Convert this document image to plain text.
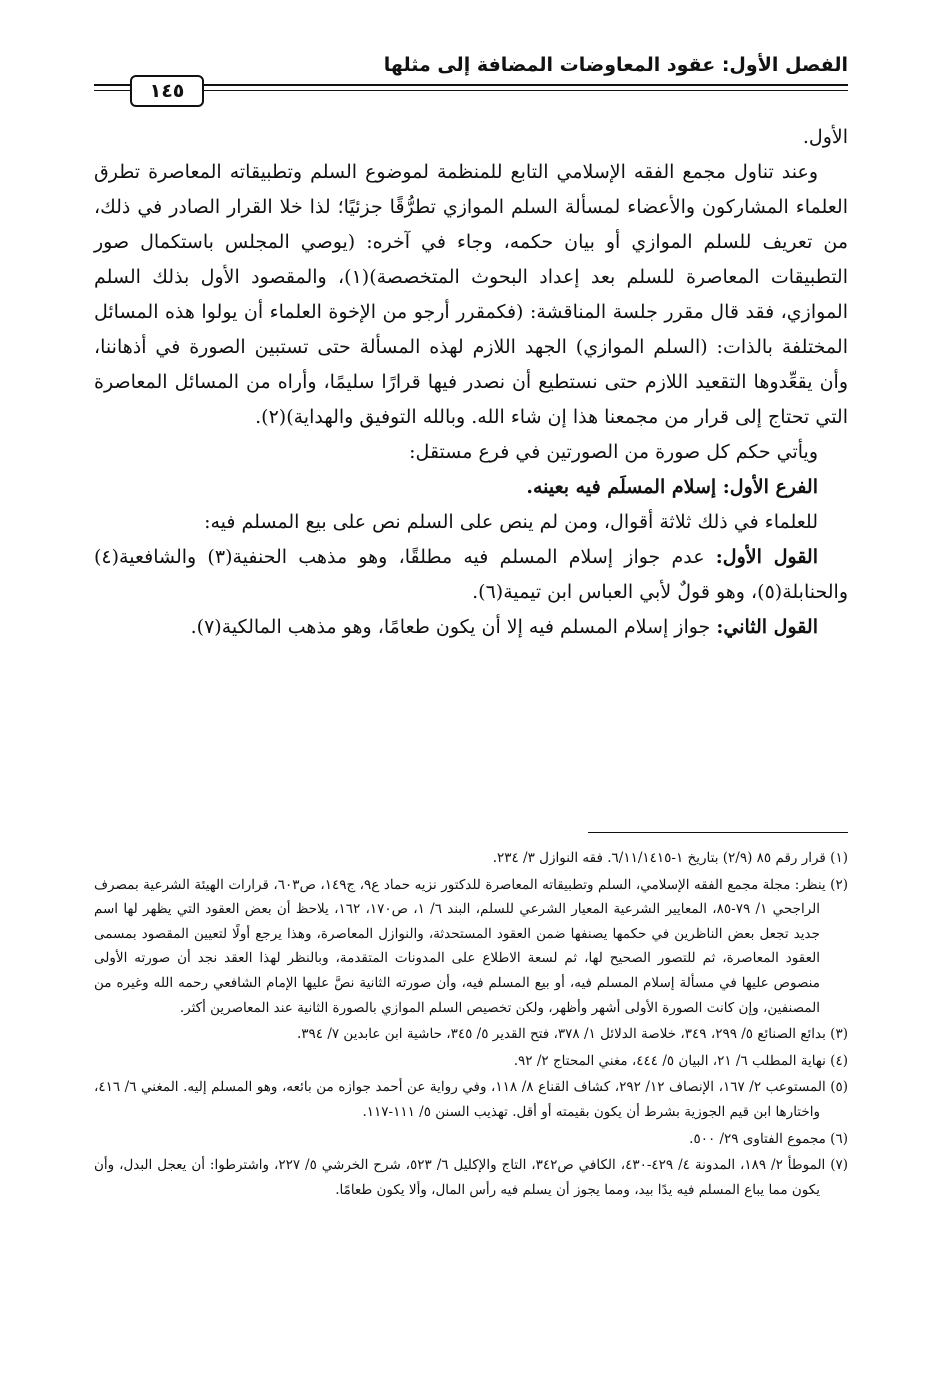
الفصل الأول: عقود المعاوضات المضافة إلى مثلها
١٤٥

الأول.

وعند تناول مجمع الفقه الإسلامي التابع للمنظمة لموضوع السلم وتطبيقاته المعاصرة تطرق العلماء المشاركون والأعضاء لمسألة السلم الموازي تطرُّقًا جزئيًا؛ لذا خلا القرار الصادر في ذلك، من تعريف للسلم الموازي أو بيان حكمه، وجاء في آخره: (يوصي المجلس باستكمال صور التطبيقات المعاصرة للسلم بعد إعداد البحوث المتخصصة)(١)، والمقصود الأول بذلك السلم الموازي، فقد قال مقرر جلسة المناقشة: (فكمقرر أرجو من الإخوة العلماء أن يولوا هذه المسائل المختلفة بالذات: (السلم الموازي) الجهد اللازم لهذه المسألة حتى تستبين الصورة في أذهاننا، وأن يقعِّدوها التقعيد اللازم حتى نستطيع أن نصدر فيها قرارًا سليمًا، وأراه من المسائل المعاصرة التي تحتاج إلى قرار من مجمعنا هذا إن شاء الله. وبالله التوفيق والهداية)(٢).

ويأتي حكم كل صورة من الصورتين في فرع مستقل:

الفرع الأول: إسلام المسلَم فيه بعينه.

للعلماء في ذلك ثلاثة أقوال، ومن لم ينص على السلم نص على بيع المسلم فيه:

القول الأول: عدم جواز إسلام المسلم فيه مطلقًا، وهو مذهب الحنفية(٣) والشافعية(٤) والحنابلة(٥)، وهو قولٌ لأبي العباس ابن تيمية(٦).

القول الثاني: جواز إسلام المسلم فيه إلا أن يكون طعامًا، وهو مذهب المالكية(٧).

(١) قرار رقم ٨٥ (٢/٩) بتاريخ ١-٦/١١/١٤١٥. فقه النوازل ٣/ ٢٣٤.

(٢) ينظر: مجلة مجمع الفقه الإسلامي، السلم وتطبيقاته المعاصرة للدكتور نزيه حماد ع٩، ج١٤٩، ص٦٠٣، قرارات الهيئة الشرعية بمصرف الراجحي ١/ ٧٩-٨٥، المعايير الشرعية المعيار الشرعي للسلم، البند ٦/ ١، ص١٧٠، ١٦٢، يلاحظ أن بعض العقود التي يظهر لها اسم جديد تجعل بعض الناظرين في حكمها يصنفها ضمن العقود المستحدثة، والنوازل المعاصرة، وهذا يرجع أولًا لتعيين المقصود بمسمى العقود المعاصرة، ثم للتصور الصحيح لها، ثم لسعة الاطلاع على المدونات المتقدمة، وبالنظر لهذا العقد نجد أن صورته الأولى منصوص عليها في مسألة إسلام المسلم فيه، أو بيع المسلم فيه، وأن صورته الثانية نصَّ عليها الإمام الشافعي رحمه الله وغيره من المصنفين، وإن كانت الصورة الأولى أشهر وأظهر، ولكن تخصيص السلم الموازي بالصورة الثانية عند المعاصرين أكثر.

(٣) بدائع الصنائع ٥/ ٢٩٩، ٣٤٩، خلاصة الدلائل ١/ ٣٧٨، فتح القدير ٥/ ٣٤٥، حاشية ابن عابدين ٧/ ٣٩٤.

(٤) نهاية المطلب ٦/ ٢١، البيان ٥/ ٤٤٤، مغني المحتاج ٢/ ٩٢.

(٥) المستوعب ٢/ ١٦٧، الإنصاف ١٢/ ٢٩٢، كشاف القناع ٨/ ١١٨، وفي رواية عن أحمد جوازه من بائعه، وهو المسلم إليه. المغني ٦/ ٤١٦، واختارها ابن قيم الجوزية بشرط أن يكون بقيمته أو أقل. تهذيب السنن ٥/ ١١١-١١٧.

(٦) مجموع الفتاوى ٢٩/ ٥٠٠.

(٧) الموطأ ٢/ ١٨٩، المدونة ٤/ ٤٢٩-٤٣٠، الكافي ص٣٤٢، التاج والإكليل ٦/ ٥٢٣، شرح الخرشي ٥/ ٢٢٧، واشترطوا: أن يعجل البدل، وأن يكون مما يباع المسلم فيه يدًا بيد، ومما يجوز أن يسلم فيه رأس المال، وألا يكون طعامًا.
